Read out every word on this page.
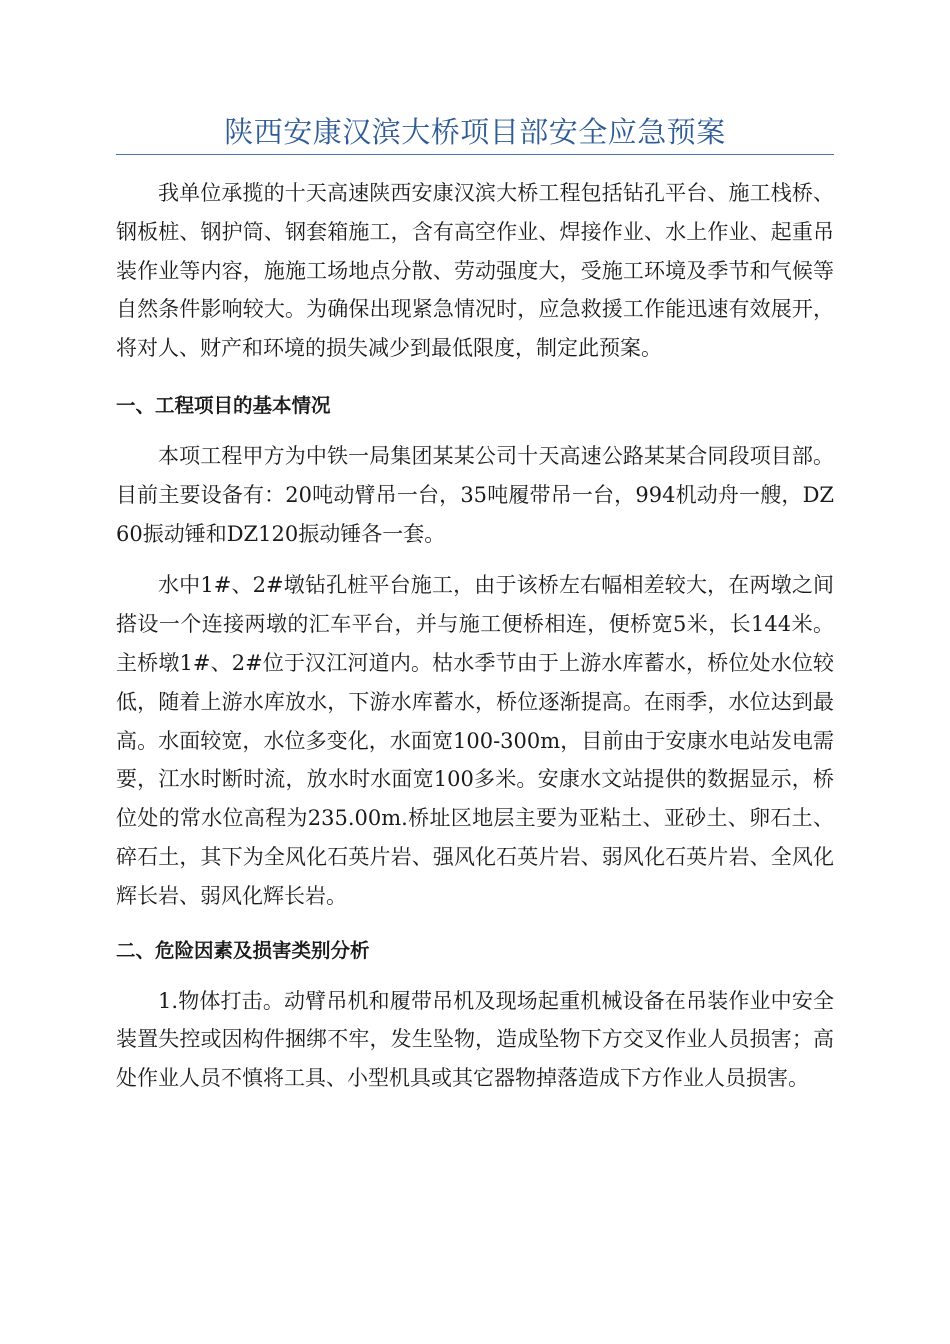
陕西安康汉滨大桥项目部安全应急预案

我单位承揽的十天高速陕西安康汉滨大桥工程包括钻孔平台、施工栈桥、钢板桩、钢护筒、钢套箱施工，含有高空作业、焊接作业、水上作业、起重吊装作业等内容，施施工场地点分散、劳动强度大，受施工环境及季节和气候等自然条件影响较大。为确保出现紧急情况时，应急救援工作能迅速有效展开，将对人、财产和环境的损失减少到最低限度，制定此预案。

一、工程项目的基本情况

本项工程甲方为中铁一局集团某某公司十天高速公路某某合同段项目部。目前主要设备有：20吨动臂吊一台，35吨履带吊一台，994机动舟一艘，DZ60振动锤和DZ120振动锤各一套。

水中1#、2#墩钻孔桩平台施工，由于该桥左右幅相差较大，在两墩之间搭设一个连接两墩的汇车平台，并与施工便桥相连，便桥宽5米，长144米。主桥墩1#、2#位于汉江河道内。枯水季节由于上游水库蓄水，桥位处水位较低，随着上游水库放水，下游水库蓄水，桥位逐渐提高。在雨季，水位达到最高。水面较宽，水位多变化，水面宽100-300m，目前由于安康水电站发电需要，江水时断时流，放水时水面宽100多米。安康水文站提供的数据显示，桥位处的常水位高程为235.00m.桥址区地层主要为亚粘土、亚砂土、卵石土、碎石土，其下为全风化石英片岩、强风化石英片岩、弱风化石英片岩、全风化辉长岩、弱风化辉长岩。

二、危险因素及损害类别分析

1.物体打击。动臂吊机和履带吊机及现场起重机械设备在吊装作业中安全装置失控或因构件捆绑不牢，发生坠物，造成坠物下方交叉作业人员损害；高处作业人员不慎将工具、小型机具或其它器物掉落造成下方作业人员损害。
